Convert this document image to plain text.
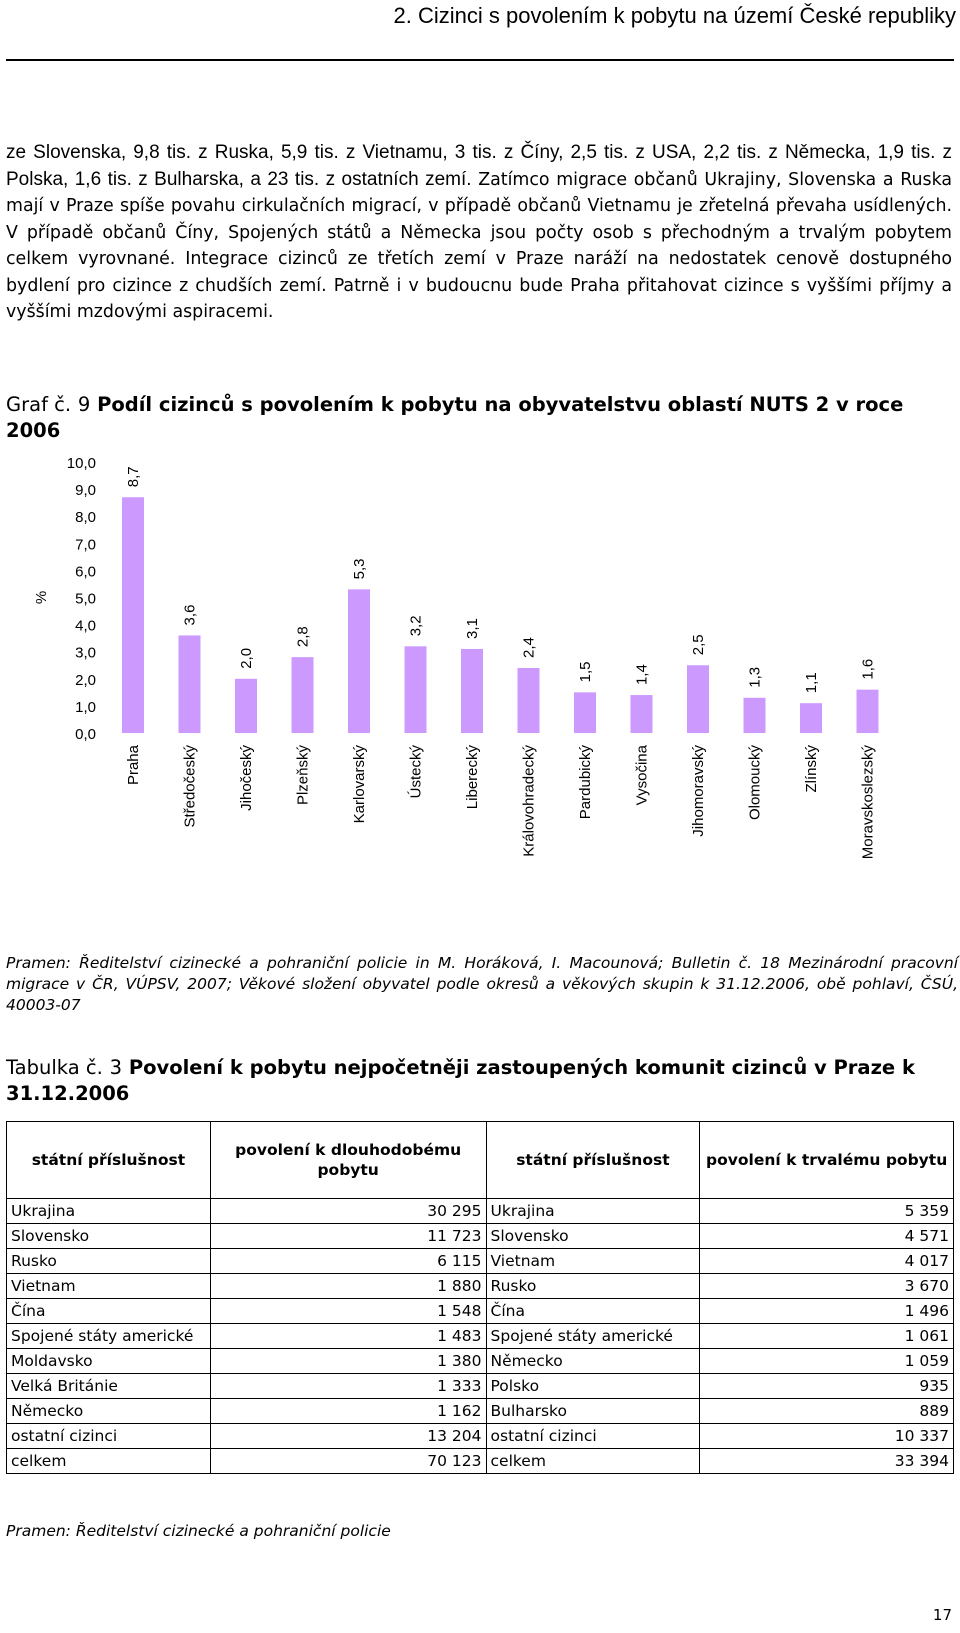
2. Cizinci s povolením k pobytu na území České republiky

ze Slovenska, 9,8 tis. z Ruska, 5,9 tis. z Vietnamu, 3 tis. z Číny, 2,5 tis. z USA, 2,2 tis. z Německa, 1,9 tis. z Polska, 1,6 tis. z Bulharska, a 23 tis. z ostatních zemí. Zatímco migrace občanů Ukrajiny, Slovenska a Ruska mají v Praze spíše povahu cirkulačních migrací, v případě občanů Vietnamu je zřetelná převaha usídlených. V případě občanů Číny, Spojených států a Německa jsou počty osob s přechodným a trvalým pobytem celkem vyrovnané. Integrace cizinců ze třetích zemí v Praze naráží na nedostatek cenově dostupného bydlení pro cizince z chudších zemí. Patrně i v budoucnu bude Praha přitahovat cizince s vyššími příjmy a vyššími mzdovými aspiracemi.

Graf č. 9 Podíl cizinců s povolením k pobytu na obyvatelstvu oblastí NUTS 2 v roce 2006

0,0
1,0
2,0
3,0
4,0
5,0
6,0
7,0
8,0
9,0
10,0
%
8,7
Praha
3,6
Středočeský
2,0
Jihočeský
2,8
Plzeňský
5,3
Karlovarský
3,2
Ústecký
3,1
Liberecký
2,4
Královohradecký
1,5
Pardubický
1,4
Vysočina
2,5
Jihomoravský
1,3
Olomoucký
1,1
Zlínský
1,6
Moravskoslezský

Pramen: Ředitelství cizinecké a pohraniční policie in M. Horáková, I. Macounová; Bulletin č. 18 Mezinárodní pracovní migrace v ČR, VÚPSV, 2007; Věkové složení obyvatel podle okresů a věkových skupin k 31.12.2006, obě pohlaví, ČSÚ, 40003-07

Tabulka č. 3 Povolení k pobytu nejpočetněji zastoupených komunit cizinců v Praze k 31.12.2006

státní příslušnost	povolení k dlouhodobému pobytu	státní příslušnost	povolení k trvalému pobytu
Ukrajina	30 295	Ukrajina	5 359
Slovensko	11 723	Slovensko	4 571
Rusko	6 115	Vietnam	4 017
Vietnam	1 880	Rusko	3 670
Čína	1 548	Čína	1 496
Spojené státy americké	1 483	Spojené státy americké	1 061
Moldavsko	1 380	Německo	1 059
Velká Británie	1 333	Polsko	935
Německo	1 162	Bulharsko	889
ostatní cizinci	13 204	ostatní cizinci	10 337
celkem	70 123	celkem	33 394

Pramen: Ředitelství cizinecké a pohraniční policie

17
